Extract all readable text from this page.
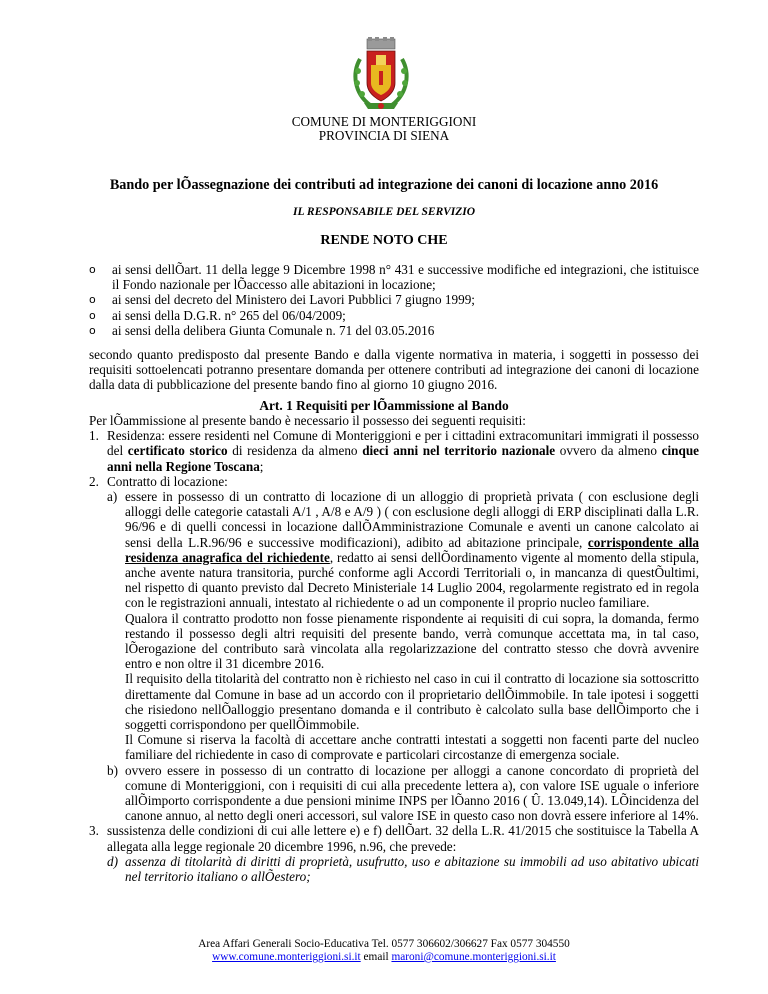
COMUNE DI MONTERIGGIONI
PROVINCIA DI SIENA
Bando per lÕassegnazione dei contributi ad integrazione dei canoni di locazione anno 2016
IL RESPONSABILE DEL SERVIZIO
RENDE NOTO CHE
o ai sensi dellÕart. 11 della legge 9 Dicembre 1998 n° 431 e successive modifiche ed integrazioni, che istituisce il Fondo nazionale per lÕaccesso alle abitazioni in locazione;
o ai sensi del decreto del Ministero dei Lavori Pubblici 7 giugno 1999;
o ai sensi della D.G.R. n° 265 del 06/04/2009;
o ai sensi della delibera Giunta Comunale n. 71 del 03.05.2016

secondo quanto predisposto dal presente Bando e dalla vigente normativa in materia, i soggetti in possesso dei requisiti sottoelencati potranno presentare domanda per ottenere contributi ad integrazione dei canoni di locazione dalla data di pubblicazione del presente bando fino al giorno 10 giugno 2016.

Art. 1 Requisiti per lÕammissione al Bando

Per lÕammissione al presente bando è necessario il possesso dei seguenti requisiti:

1. Residenza: essere residenti nel Comune di Monteriggioni e per i cittadini extracomunitari immigrati il possesso del certificato storico di residenza da almeno dieci anni nel territorio nazionale ovvero da almeno cinque anni nella Regione Toscana;
2. Contratto di locazione:
a) essere in possesso di un contratto di locazione di un alloggio di proprietà privata ( con esclusione degli alloggi delle categorie catastali A/1 , A/8 e A/9 ) ( con esclusione degli alloggi di ERP disciplinati dalla L.R. 96/96 e di quelli concessi in locazione dallÕAmministrazione Comunale e aventi un canone calcolato ai sensi della L.R.96/96 e successive modificazioni), adibito ad abitazione principale, corrispondente alla residenza anagrafica del richiedente, redatto ai sensi dellÕordinamento vigente al momento della stipula, anche avente natura transitoria, purché conforme agli Accordi Territoriali o, in mancanza di questÕultimi, nel rispetto di quanto previsto dal Decreto Ministeriale 14 Luglio 2004, regolarmente registrato ed in regola con le registrazioni annuali, intestato al richiedente o ad un componente il proprio nucleo familiare.

Qualora il contratto prodotto non fosse pienamente rispondente ai requisiti di cui sopra, la domanda, fermo restando il possesso degli altri requisiti del presente bando, verrà comunque accettata ma, in tal caso, lÕerogazione del contributo sarà vincolata alla regolarizzazione del contratto stesso che dovrà avvenire entro e non oltre il 31 dicembre 2016.

Il requisito della titolarità del contratto non è richiesto nel caso in cui il contratto di locazione sia sottoscritto direttamente dal Comune in base ad un accordo con il proprietario dellÕimmobile. In tale ipotesi i soggetti che risiedono nellÕalloggio presentano domanda e il contributo è calcolato sulla base dellÕimporto che i soggetti corrispondono per quellÕimmobile.

Il Comune si riserva la facoltà di accettare anche contratti intestati a soggetti non facenti parte del nucleo familiare del richiedente in caso di comprovate e particolari circostanze di emergenza sociale.

b) ovvero essere in possesso di un contratto di locazione per alloggi a canone concordato di proprietà del comune di Monteriggioni, con i requisiti di cui alla precedente lettera a), con valore ISE uguale o inferiore allÕimporto corrispondente a due pensioni minime INPS per lÕanno 2016 ( Û. 13.049,14). LÕincidenza del canone annuo, al netto degli oneri accessori, sul valore ISE in questo caso non dovrà essere inferiore al 14%.
3. sussistenza delle condizioni di cui alle lettere e) e f) dellÕart. 32 della L.R. 41/2015 che sostituisce la Tabella A allegata alla legge regionale 20 dicembre 1996, n.96, che prevede:
d) assenza di titolarità di diritti di proprietà, usufrutto, uso e abitazione su immobili ad uso abitativo ubicati nel territorio italiano o allÕestero;
Area Affari Generali Socio-Educativa Tel. 0577 306602/306627 Fax 0577 304550
www.comune.monteriggioni.si.it email maroni@comune.monteriggioni.si.it
